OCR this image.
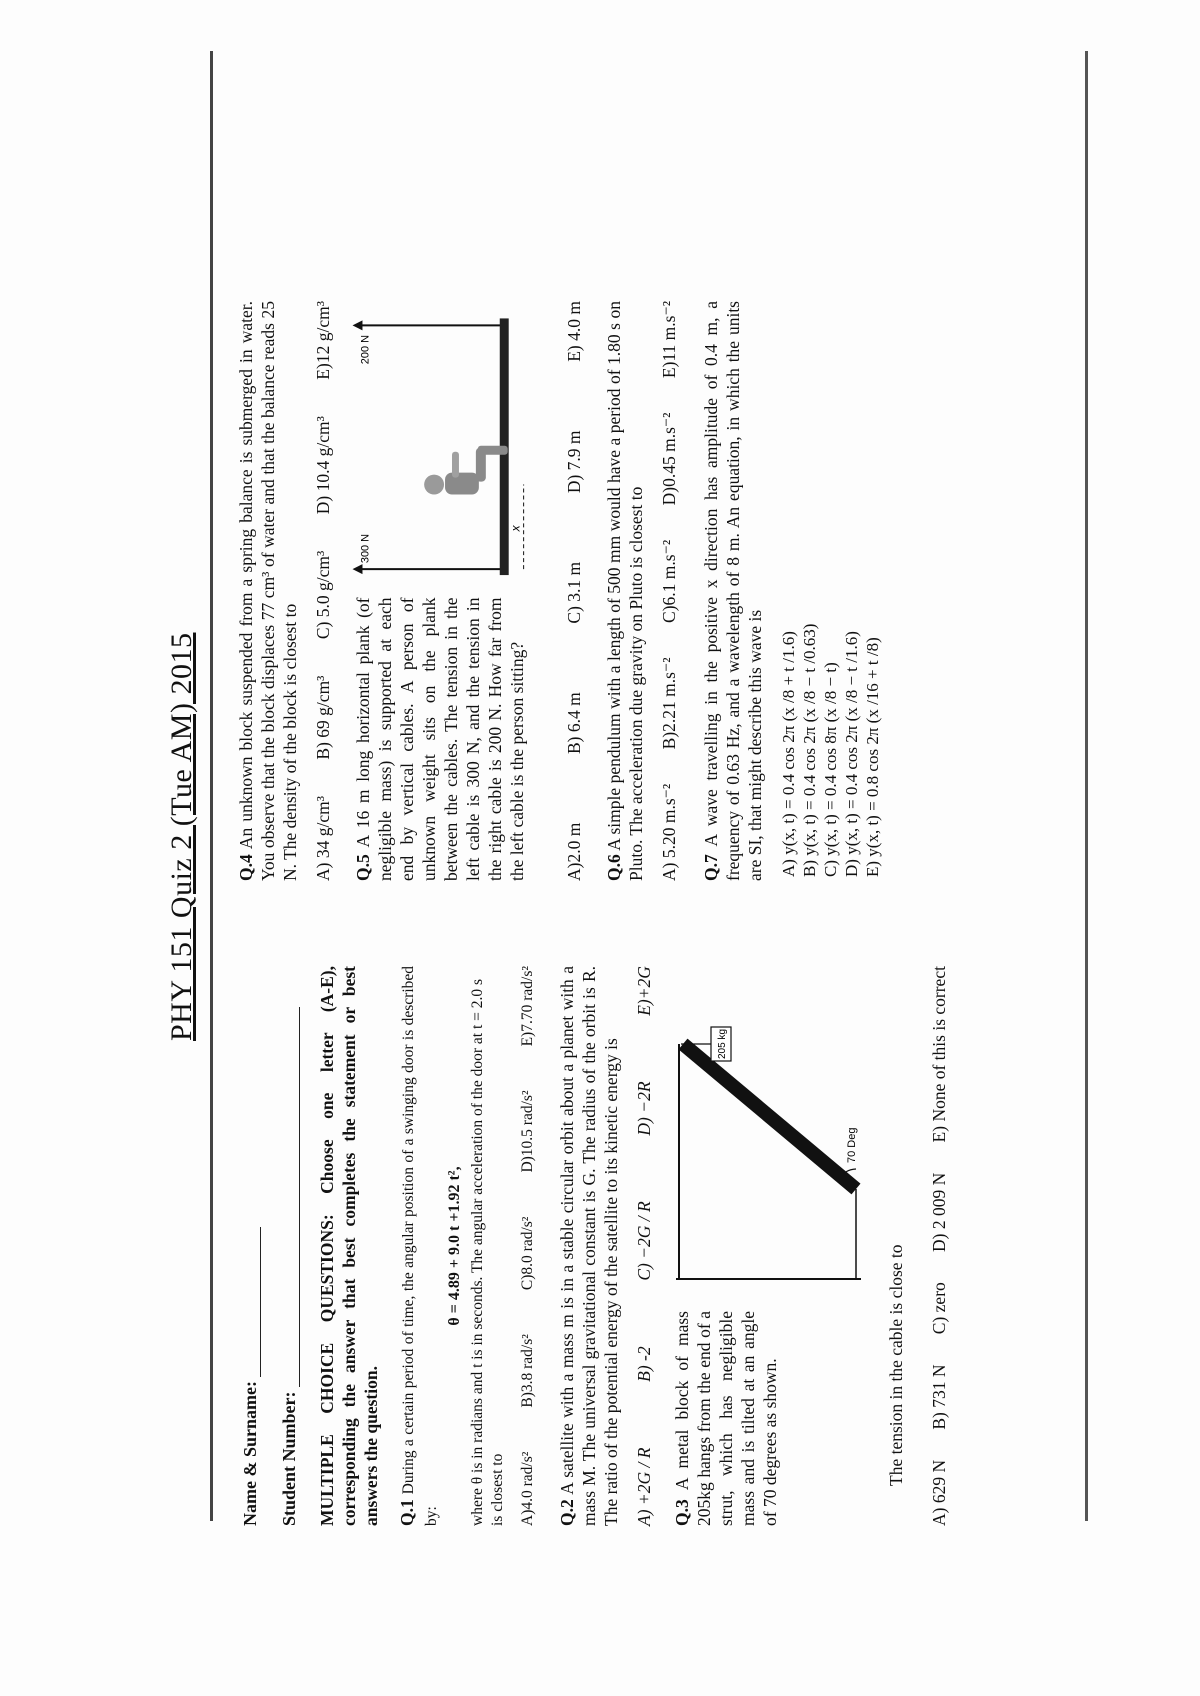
PHY 151 Quiz 2 (Tue AM) 2015
Name & Surname: Student Number: MULTIPLE CHOICE QUESTIONS: Choose one letter (A-E), corresponding the answer that best completes the statement or best answers the question. Q.1 During a certain period of time, the angular position of a swinging door is described by:
θ = 4.89 + 9.0 t +1.92 t², where θ is in radians and t is in seconds. The angular acceleration of the door at t = 2.0 s is closest to A)4.0 rad/s²
B)3.8 rad/s²
C)8.0 rad/s²
D)10.5 rad/s²
E)7.70 rad/s²
Q.2 A satellite with a mass m is in a stable circular orbit about a planet with a mass M. The universal gravitational constant is G. The radius of the orbit is R. The ratio of the potential energy of the satellite to its kinetic energy is A) +2G / R
B) -2
C) −2G / R
D) −2R
E)+2G
Q.3 A metal block of mass 205kg hangs from the end of a strut, which has negligible mass and is tilted at an angle of 70 degrees as shown.
70 Deg
205 kg
The tension in the cable is close to
A) 629 N
B) 731 N
C) zero
D) 2 009 N
E) None of this is correct
Q.4 An unknown block suspended from a spring balance is submerged in water. You observe that the block displaces 77 cm³ of water and that the balance reads 25 N. The density of the block is closest to A) 34 g/cm³
B) 69 g/cm³
C) 5.0 g/cm³
D) 10.4 g/cm³
E)12 g/cm³
Q.5 A 16 m long horizontal plank (of negligible mass) is supported at each end by vertical cables. A person of unknown weight sits on the plank between the cables. The tension in the left cable is 300 N, and the tension in the right cable is 200 N. How far from the left cable is the person sitting?
300 N
200 N
x
A)2.0 m
B) 6.4 m
C) 3.1 m
D) 7.9 m
E) 4.0 m
Q.6 A simple pendulum with a length of 500 mm would have a period of 1.80 s on Pluto. The acceleration due gravity on Pluto is closest to A) 5.20 m.s⁻²
B)2.21 m.s⁻²
C)6.1 m.s⁻²
D)0.45 m.s⁻²
E)11 m.s⁻²
Q.7 A wave travelling in the positive x direction has amplitude of 0.4 m, a frequency of 0.63 Hz, and a wavelength of 8 m. An equation, in which the units are SI, that might describe this wave is A) y(x, t) = 0.4 cos 2π (x /8 + t /1.6) B) y(x, t) = 0.4 cos 2π (x /8 − t /0.63) C) y(x, t) = 0.4 cos 8π (x /8 − t) D) y(x, t) = 0.4 cos 2π (x /8 − t /1.6) E) y(x, t) = 0.8 cos 2π (x /16 + t /8)
